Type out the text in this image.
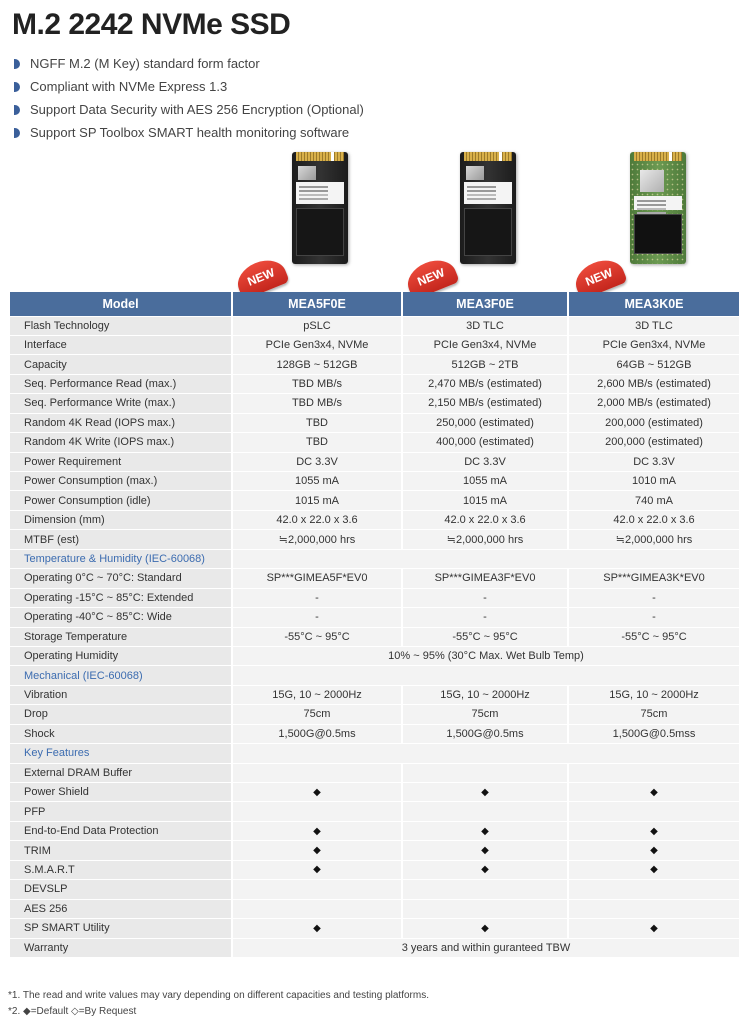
M.2 2242 NVMe SSD
NGFF M.2 (M Key) standard form factor
Compliant with NVMe Express 1.3
Support Data Security with AES 256 Encryption (Optional)
Support SP Toolbox SMART health monitoring software
NEW	NEW	NEW
Model	MEA5F0E	MEA3F0E	MEA3K0E
Flash Technology	pSLC	3D TLC	3D TLC
Interface	PCIe Gen3x4, NVMe	PCIe Gen3x4, NVMe	PCIe Gen3x4, NVMe
Capacity	128GB ~ 512GB	512GB ~ 2TB	64GB ~ 512GB
Seq. Performance Read (max.)	TBD MB/s	2,470 MB/s (estimated)	2,600 MB/s (estimated)
Seq. Performance Write (max.)	TBD MB/s	2,150 MB/s (estimated)	2,000 MB/s (estimated)
Random 4K Read (IOPS max.)	TBD	250,000 (estimated)	200,000 (estimated)
Random 4K Write (IOPS max.)	TBD	400,000 (estimated)	200,000 (estimated)
Power Requirement	DC 3.3V	DC 3.3V	DC 3.3V
Power Consumption (max.)	1055 mA	1055 mA	1010 mA
Power Consumption (idle)	1015 mA	1015 mA	740 mA
Dimension (mm)	42.0 x 22.0 x 3.6	42.0 x 22.0 x 3.6	42.0 x 22.0 x 3.6
MTBF (est)	≒2,000,000 hrs	≒2,000,000 hrs	≒2,000,000 hrs
Temperature & Humidity (IEC-60068)			
Operating 0°C ~ 70°C: Standard	SP***GIMEA5F*EV0	SP***GIMEA3F*EV0	SP***GIMEA3K*EV0
Operating -15°C ~ 85°C: Extended	-	-	-
Operating -40°C ~ 85°C: Wide	-	-	-
Storage Temperature	-55°C ~ 95°C	-55°C ~ 95°C	-55°C ~ 95°C
Operating Humidity	10% ~ 95% (30°C Max. Wet Bulb Temp)		
Mechanical (IEC-60068)			
Vibration	15G, 10 ~ 2000Hz	15G, 10 ~ 2000Hz	15G, 10 ~ 2000Hz
Drop	75cm	75cm	75cm
Shock	1,500G@0.5ms	1,500G@0.5ms	1,500G@0.5mss
Key Features			
External DRAM Buffer			
Power Shield	◆	◆	◆
PFP			
End-to-End Data Protection	◆	◆	◆
TRIM	◆	◆	◆
S.M.A.R.T	◆	◆	◆
DEVSLP			
AES 256			
SP SMART Utility	◆	◆	◆
Warranty	3 years and within guranteed TBW		
*1. The read and write values may vary depending on different capacities and testing platforms.
*2. ◆=Default ◇=By Request
